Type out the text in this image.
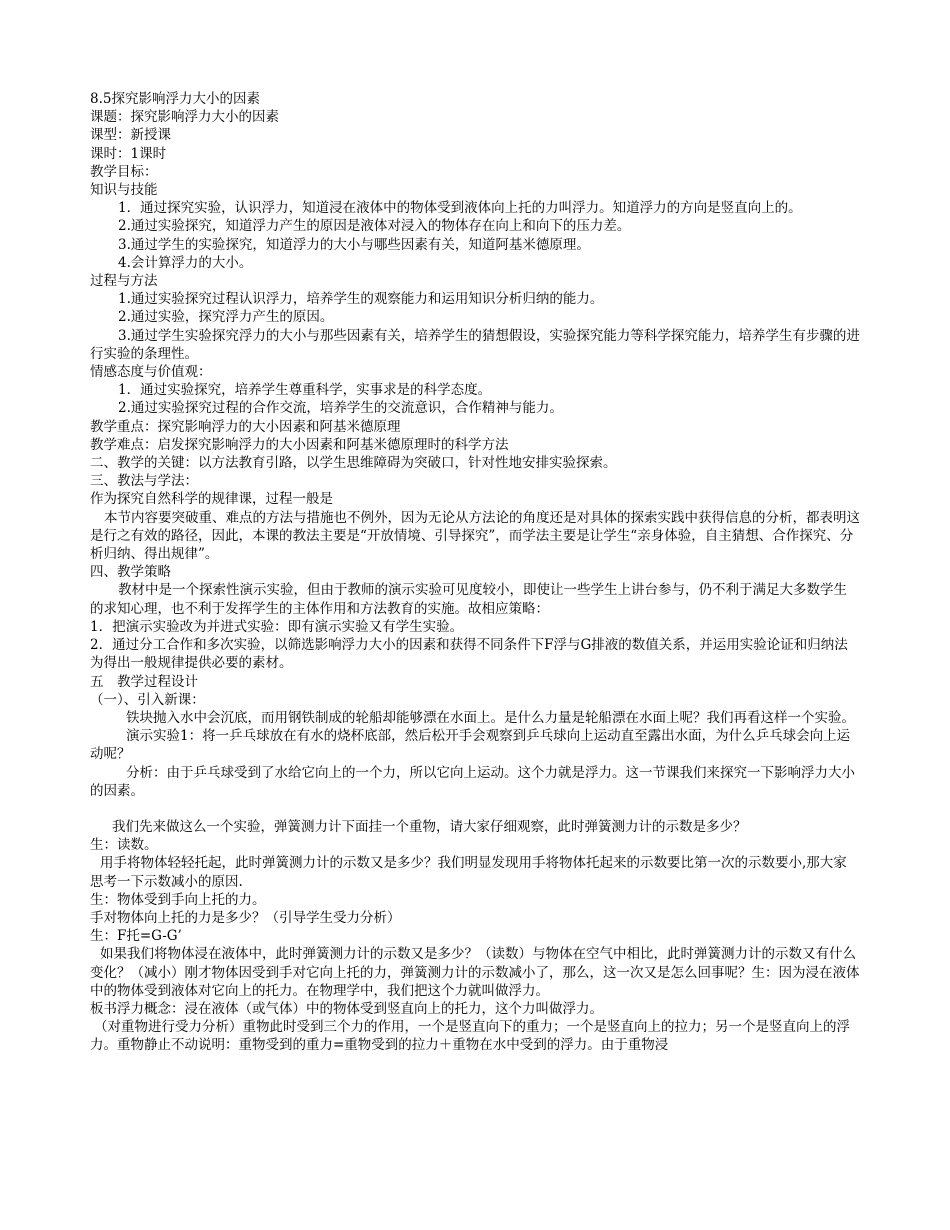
8.5探究影响浮力大小的因素

课题：探究影响浮力大小的因素

课型：新授课

课时：1课时

教学目标：

知识与技能

1．通过探究实验，认识浮力，知道浸在液体中的物体受到液体向上托的力叫浮力。知道浮力的方向是竖直向上的。

2.通过实验探究，知道浮力产生的原因是液体对浸入的物体存在向上和向下的压力差。

3.通过学生的实验探究，知道浮力的大小与哪些因素有关，知道阿基米德原理。

4.会计算浮力的大小。

过程与方法

1.通过实验探究过程认识浮力，培养学生的观察能力和运用知识分析归纳的能力。

2.通过实验，探究浮力产生的原因。

3.通过学生实验探究浮力的大小与那些因素有关，培养学生的猜想假设，实验探究能力等科学探究能力，培养学生有步骤的进行实验的条理性。

情感态度与价值观：

1．通过实验探究，培养学生尊重科学，实事求是的科学态度。

2.通过实验探究过程的合作交流，培养学生的交流意识，合作精神与能力。

教学重点：探究影响浮力的大小因素和阿基米德原理

教学难点：启发探究影响浮力的大小因素和阿基米德原理时的科学方法

二、教学的关键：以方法教育引路，以学生思维障碍为突破口，针对性地安排实验探索。

三、教法与学法：

作为探究自然科学的规律课，过程一般是

本节内容要突破重、难点的方法与措施也不例外，因为无论从方法论的角度还是对具体的探索实践中获得信息的分析，都表明这是行之有效的路径，因此，本课的教法主要是“开放情境、引导探究”，而学法主要是让学生“亲身体验，自主猜想、合作探究、分析归纳、得出规律”。

四、教学策略

教材中是一个探索性演示实验，但由于教师的演示实验可见度较小，即使让一些学生上讲台参与，仍不利于满足大多数学生的求知心理，也不利于发挥学生的主体作用和方法教育的实施。故相应策略：

1．把演示实验改为并进式实验：即有演示实验又有学生实验。

2．通过分工合作和多次实验，以筛选影响浮力大小的因素和获得不同条件下F浮与G排液的数值关系，并运用实验论证和归纳法为得出一般规律提供必要的素材。

五　教学过程设计

（一）、引入新课：

铁块抛入水中会沉底，而用钢铁制成的轮船却能够漂在水面上。是什么力量是轮船漂在水面上呢？我们再看这样一个实验。

演示实验1：将一乒乓球放在有水的烧杯底部，然后松开手会观察到乒乓球向上运动直至露出水面，为什么乒乓球会向上运动呢？

分析：由于乒乓球受到了水给它向上的一个力，所以它向上运动。这个力就是浮力。这一节课我们来探究一下影响浮力大小的因素。

我们先来做这么一个实验，弹簧测力计下面挂一个重物，请大家仔细观察，此时弹簧测力计的示数是多少？

生：读数。

用手将物体轻轻托起，此时弹簧测力计的示数又是多少？我们明显发现用手将物体托起来的示数要比第一次的示数要小,那大家思考一下示数减小的原因.

生：物体受到手向上托的力。

手对物体向上托的力是多少？（引导学生受力分析）

生：F托=G-G’

如果我们将物体浸在液体中，此时弹簧测力计的示数又是多少？（读数）与物体在空气中相比，此时弹簧测力计的示数又有什么变化？（减小）刚才物体因受到手对它向上托的力，弹簧测力计的示数减小了，那么，这一次又是怎么回事呢？生：因为浸在液体中的物体受到液体对它向上的托力。在物理学中，我们把这个力就叫做浮力。

板书浮力概念：浸在液体（或气体）中的物体受到竖直向上的托力，这个力叫做浮力。

（对重物进行受力分析）重物此时受到三个力的作用，一个是竖直向下的重力；一个是竖直向上的拉力；另一个是竖直向上的浮力。重物静止不动说明：重物受到的重力=重物受到的拉力＋重物在水中受到的浮力。由于重物浸
